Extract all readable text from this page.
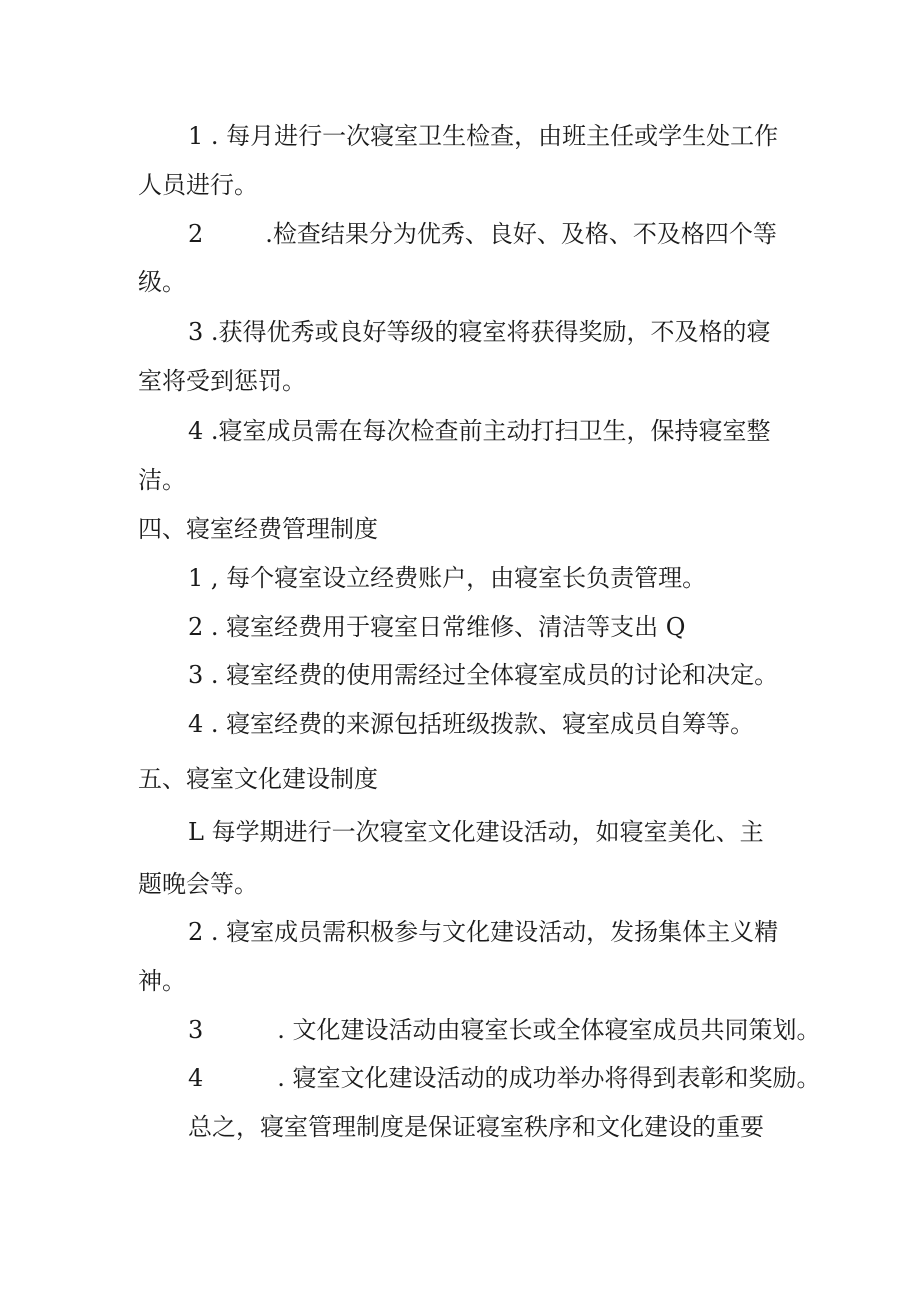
1 . 每月进行一次寝室卫生检查，由班主任或学生处工作
人员进行。
2	.检查结果分为优秀、良好、及格、不及格四个等
级。
3 .获得优秀或良好等级的寝室将获得奖励，不及格的寝
室将受到惩罚。
4 .寝室成员需在每次检查前主动打扫卫生，保持寝室整
洁。
四、寝室经费管理制度
1 , 每个寝室设立经费账户，由寝室长负责管理。
2 . 寝室经费用于寝室日常维修、清洁等支出 Q
3 . 寝室经费的使用需经过全体寝室成员的讨论和决定。
4 . 寝室经费的来源包括班级拨款、寝室成员自筹等。
五、寝室文化建设制度
L 每学期进行一次寝室文化建设活动，如寝室美化、主
题晚会等。
2 . 寝室成员需积极参与文化建设活动，发扬集体主义精
神。
3	. 文化建设活动由寝室长或全体寝室成员共同策划。
4	. 寝室文化建设活动的成功举办将得到表彰和奖励。
总之，寝室管理制度是保证寝室秩序和文化建设的重要
